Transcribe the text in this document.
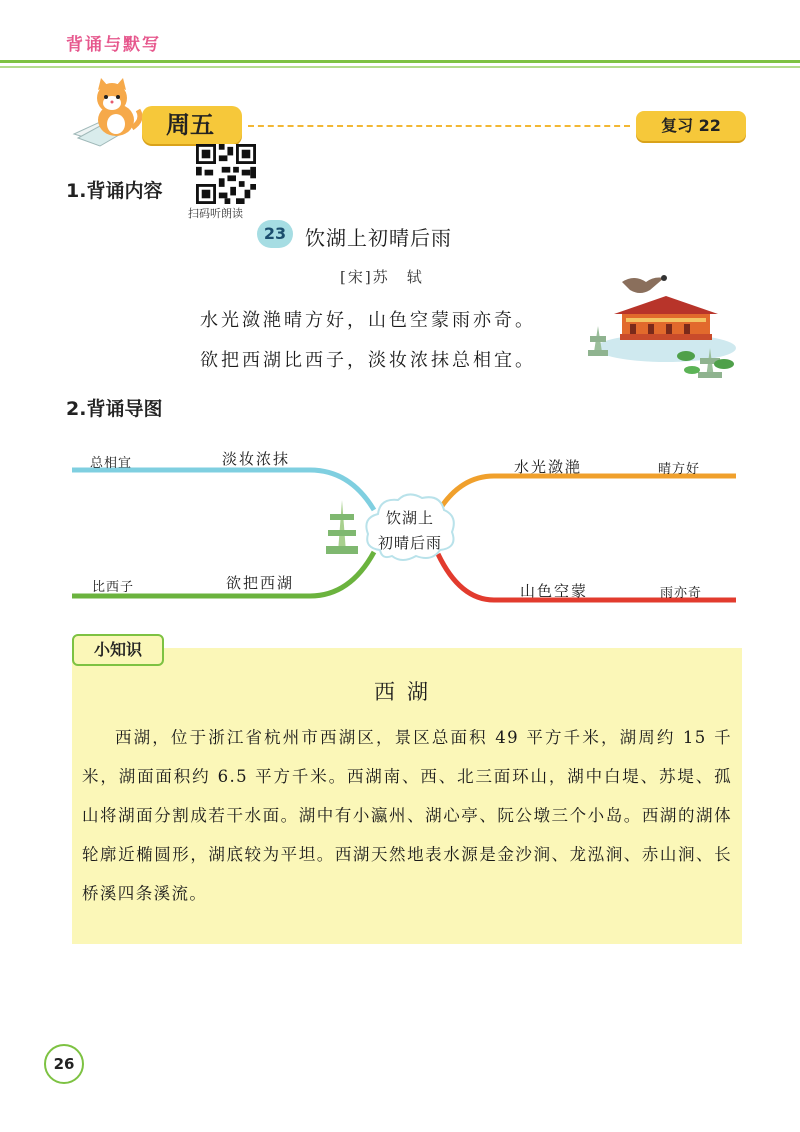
背诵与默写
周五	复习 22
1.背诵内容
扫码听朗读
23 饮湖上初晴后雨
[宋]苏　轼
水光潋滟晴方好，山色空蒙雨亦奇。
欲把西湖比西子，淡妆浓抹总相宜。
2.背诵导图
饮湖上
初晴后雨
总相宜	淡妆浓抹
比西子	欲把西湖
水光潋滟	晴方好
山色空蒙	雨亦奇
小知识
西湖

西湖，位于浙江省杭州市西湖区，景区总面积 49 平方千米，湖周约 15 千米，湖面面积约 6.5 平方千米。西湖南、西、北三面环山，湖中白堤、苏堤、孤山将湖面分割成若干水面。湖中有小瀛州、湖心亭、阮公墩三个小岛。西湖的湖体轮廓近椭圆形，湖底较为平坦。西湖天然地表水源是金沙涧、龙泓涧、赤山涧、长桥溪四条溪流。

26
